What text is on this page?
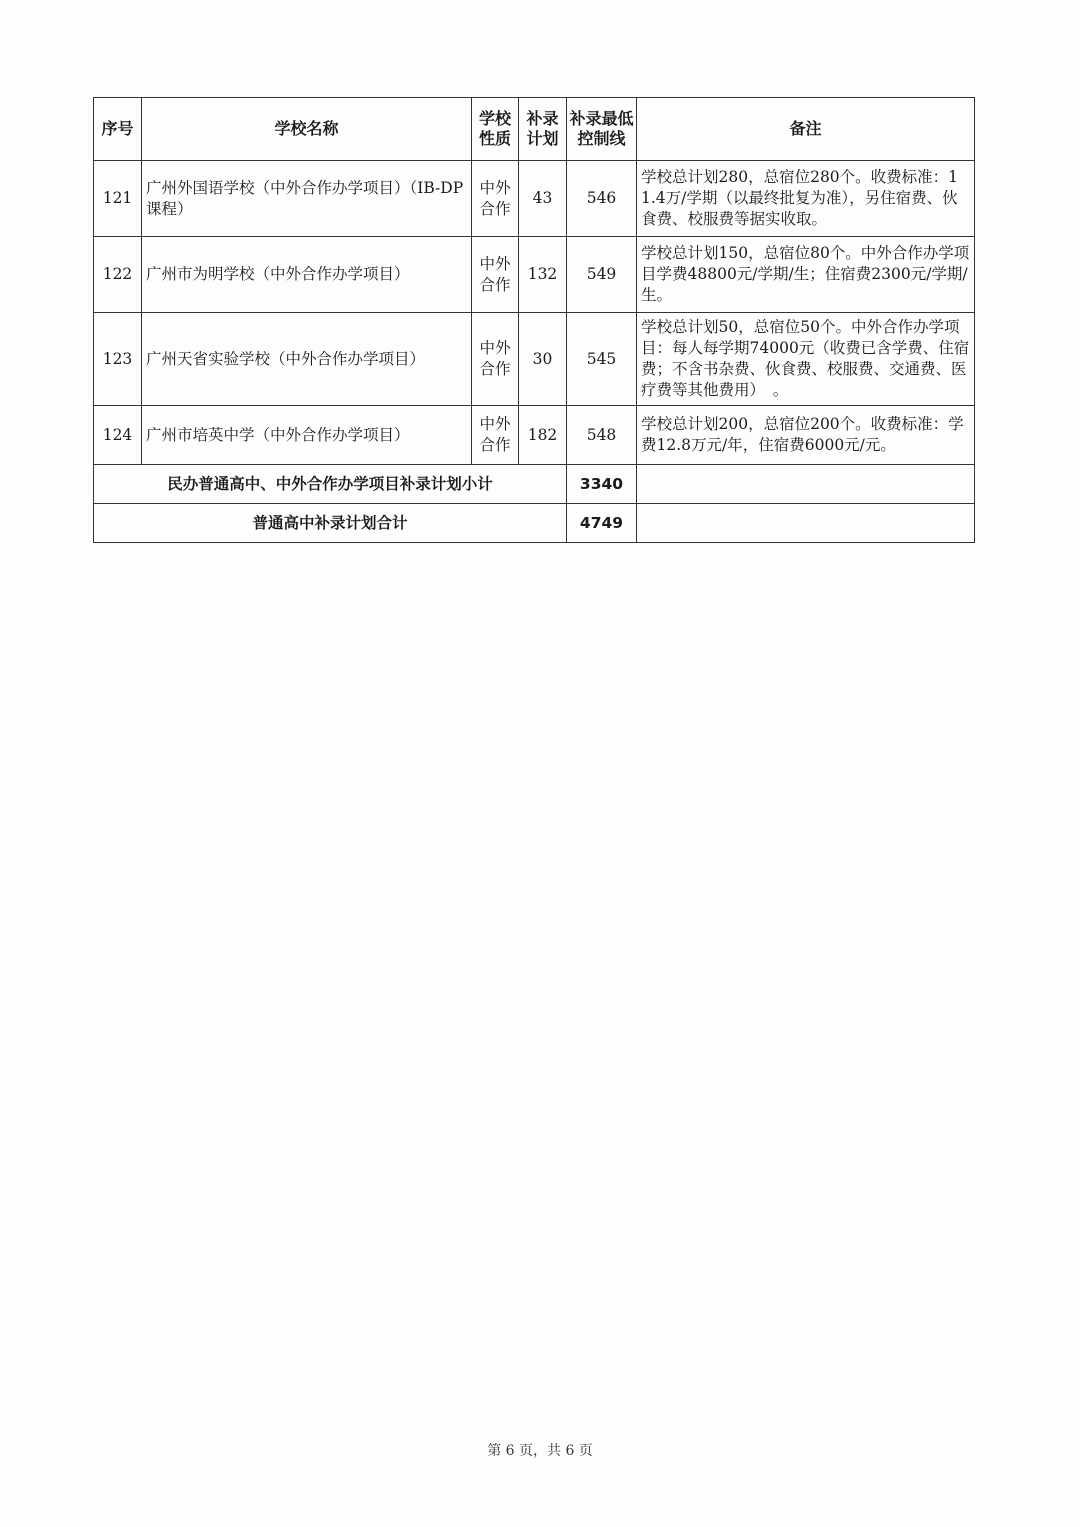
序号	学校名称	学校性质	补录计划	补录最低控制线	备注
121	广州外国语学校（中外合作办学项目）（IB-DP课程）	中外合作	43	546	学校总计划280，总宿位280个。收费标准：11.4万/学期（以最终批复为准），另住宿费、伙食费、校服费等据实收取。
122	广州市为明学校（中外合作办学项目）	中外合作	132	549	学校总计划150，总宿位80个。中外合作办学项目学费48800元/学期/生；住宿费2300元/学期/生。
123	广州天省实验学校（中外合作办学项目）	中外合作	30	545	学校总计划50，总宿位50个。中外合作办学项目：每人每学期74000元（收费已含学费、住宿费；不含书杂费、伙食费、校服费、交通费、医疗费等其他费用）　。
124	广州市培英中学（中外合作办学项目）	中外合作	182	548	学校总计划200，总宿位200个。收费标准：学费12.8万元/年，住宿费6000元/元。
民办普通高中、中外合作办学项目补录计划小计				3340	
普通高中补录计划合计				4749	
第 6 页，共 6 页
